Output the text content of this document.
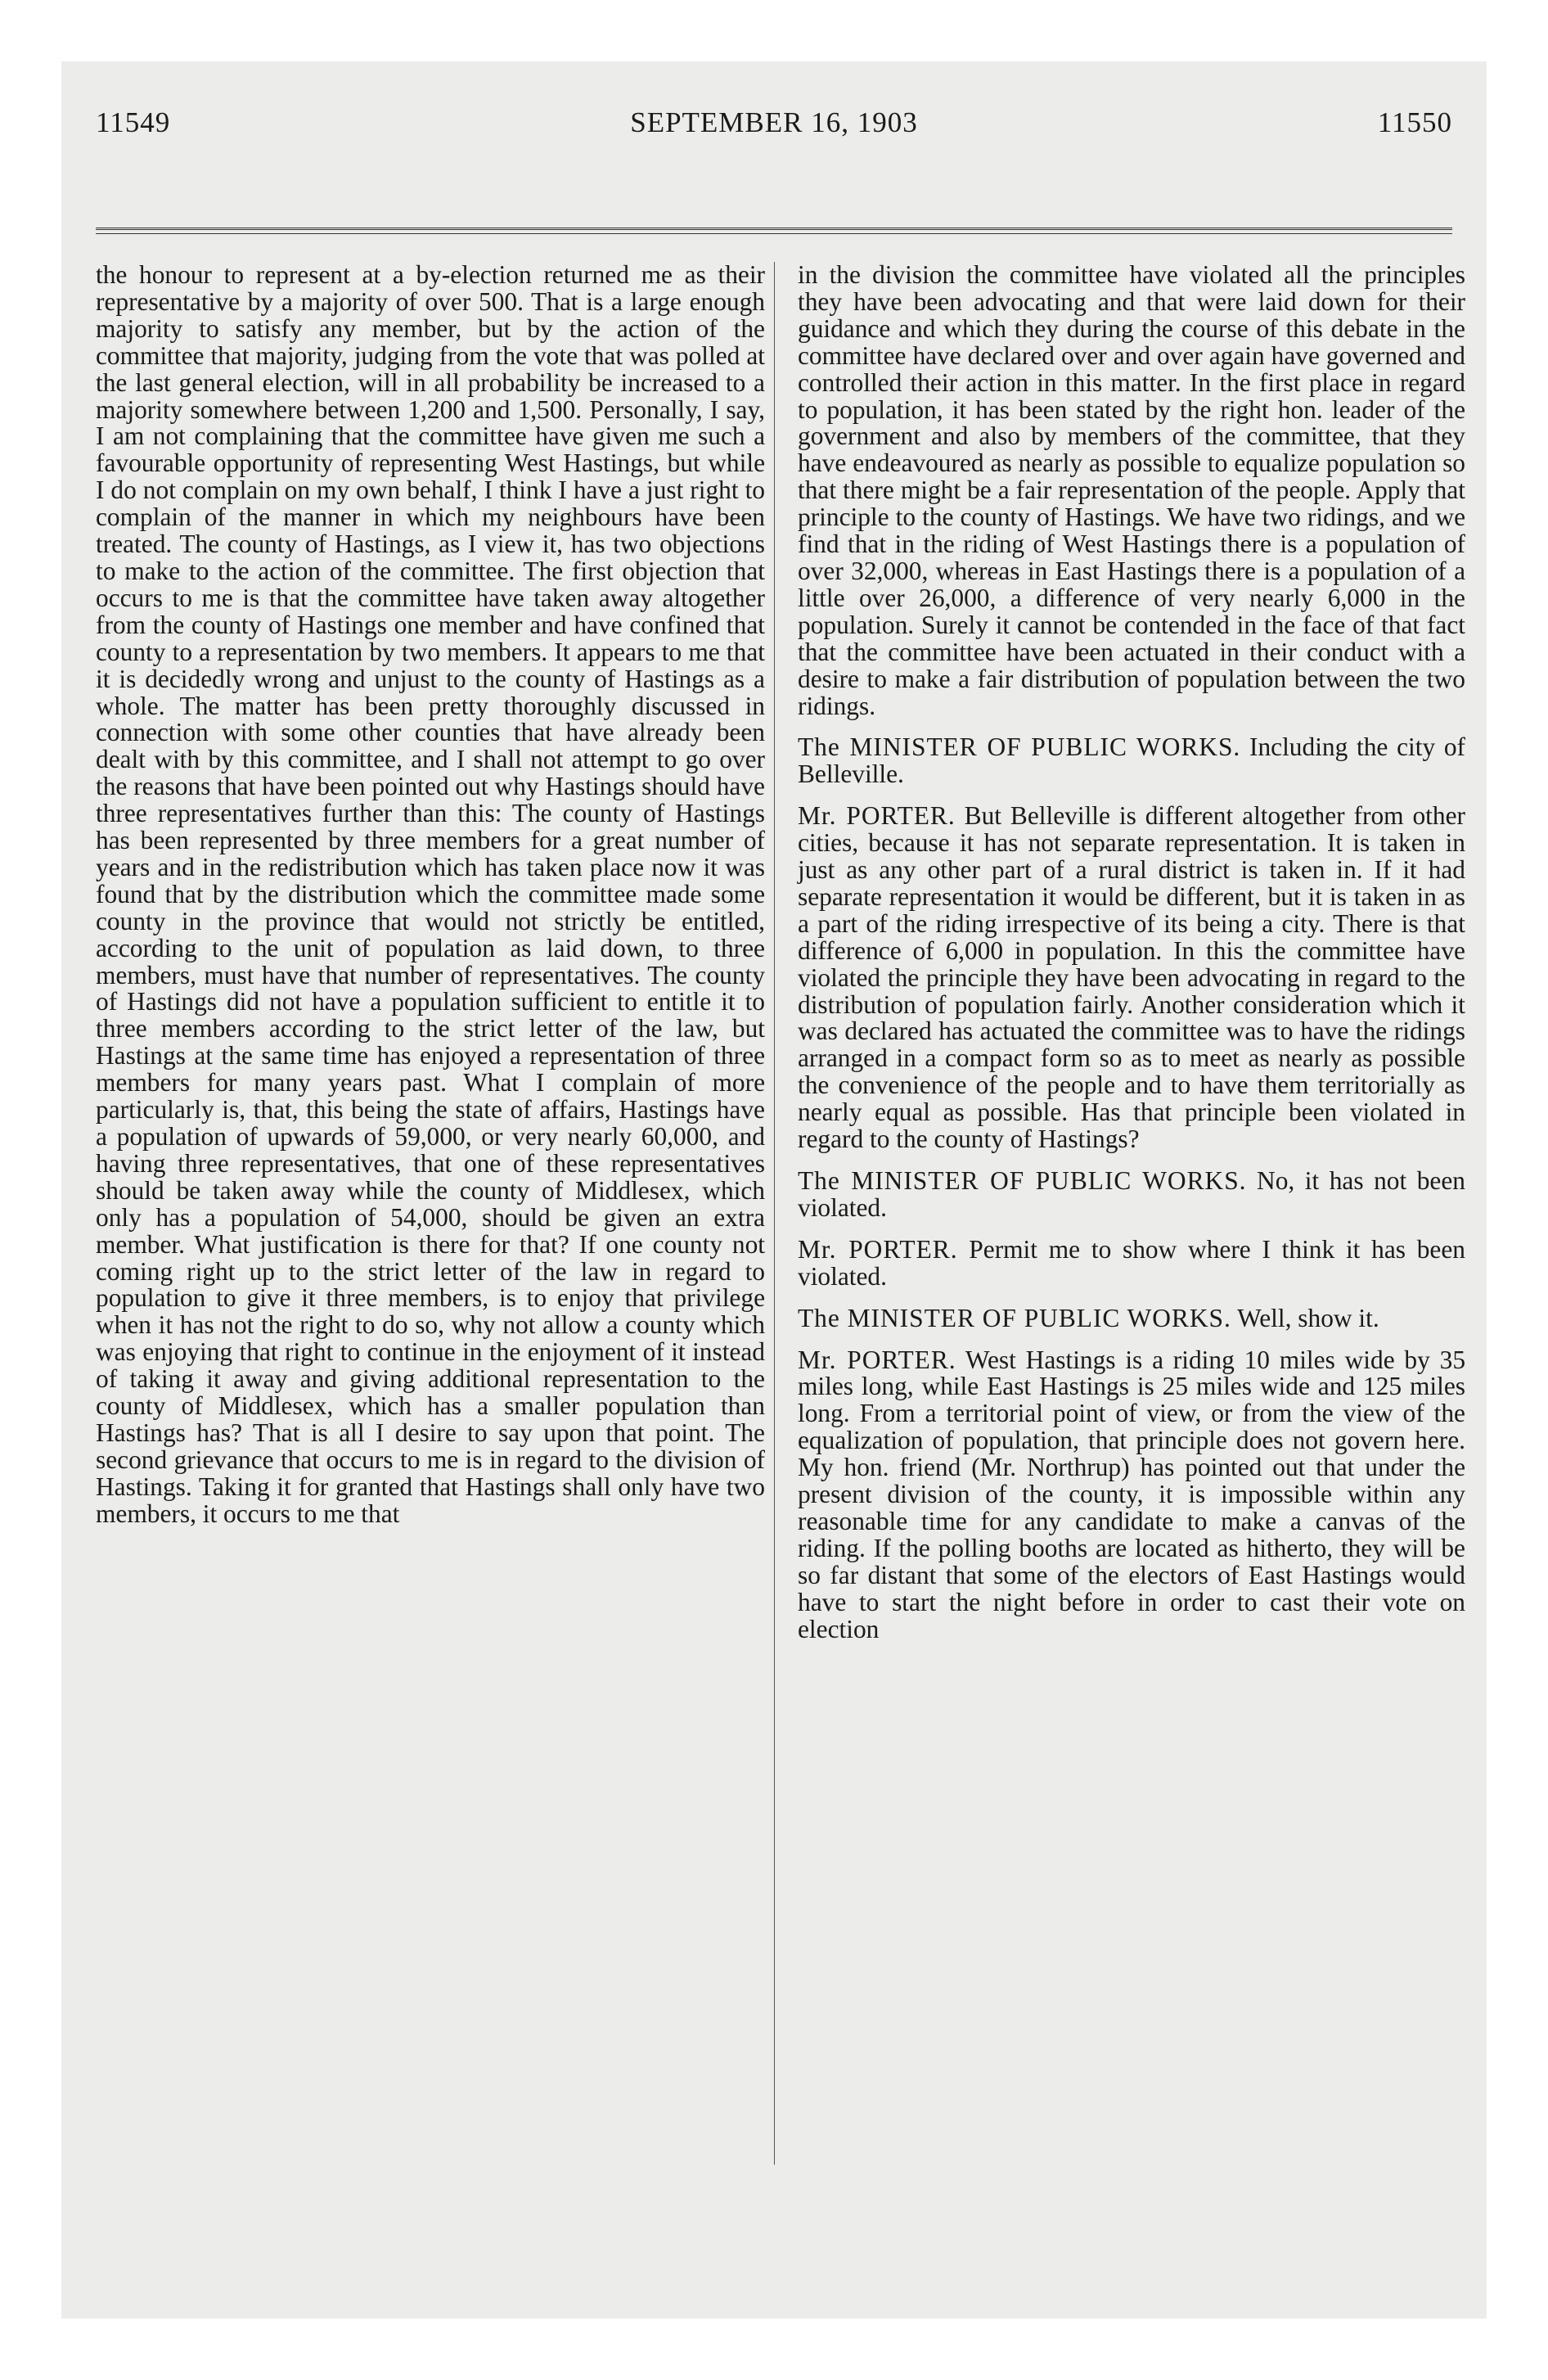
11549	SEPTEMBER 16, 1903	11550

the honour to represent at a by-election returned me as their representative by a majority of over 500. That is a large enough majority to satisfy any member, but by the action of the committee that majority, judging from the vote that was polled at the last general election, will in all probability be increased to a majority somewhere between 1,200 and 1,500. Personally, I say, I am not complaining that the committee have given me such a favourable opportunity of representing West Hastings, but while I do not complain on my own behalf, I think I have a just right to complain of the manner in which my neighbours have been treated. The county of Hastings, as I view it, has two objections to make to the action of the committee. The first objection that occurs to me is that the committee have taken away altogether from the county of Hastings one member and have confined that county to a representation by two members. It appears to me that it is decidedly wrong and unjust to the county of Hastings as a whole. The matter has been pretty thoroughly discussed in connection with some other counties that have already been dealt with by this committee, and I shall not attempt to go over the reasons that have been pointed out why Hastings should have three representatives further than this: The county of Hastings has been represented by three members for a great number of years and in the redistribution which has taken place now it was found that by the distribution which the committee made some county in the province that would not strictly be entitled, according to the unit of population as laid down, to three members, must have that number of representatives. The county of Hastings did not have a population sufficient to entitle it to three members according to the strict letter of the law, but Hastings at the same time has enjoyed a representation of three members for many years past. What I complain of more particularly is, that, this being the state of affairs, Hastings have a population of upwards of 59,000, or very nearly 60,000, and having three representatives, that one of these representatives should be taken away while the county of Middlesex, which only has a population of 54,000, should be given an extra member. What justification is there for that? If one county not coming right up to the strict letter of the law in regard to population to give it three members, is to enjoy that privilege when it has not the right to do so, why not allow a county which was enjoying that right to continue in the enjoyment of it instead of taking it away and giving additional representation to the county of Middlesex, which has a smaller population than Hastings has? That is all I desire to say upon that point. The second grievance that occurs to me is in regard to the division of Hastings. Taking it for granted that Hastings shall only have two members, it occurs to me that

in the division the committee have violated all the principles they have been advocating and that were laid down for their guidance and which they during the course of this debate in the committee have declared over and over again have governed and controlled their action in this matter. In the first place in regard to population, it has been stated by the right hon. leader of the government and also by members of the committee, that they have endeavoured as nearly as possible to equalize population so that there might be a fair representation of the people. Apply that principle to the county of Hastings. We have two ridings, and we find that in the riding of West Hastings there is a population of over 32,000, whereas in East Hastings there is a population of a little over 26,000, a difference of very nearly 6,000 in the population. Surely it cannot be contended in the face of that fact that the committee have been actuated in their conduct with a desire to make a fair distribution of population between the two ridings.

The MINISTER OF PUBLIC WORKS. Including the city of Belleville.

Mr. PORTER. But Belleville is different altogether from other cities, because it has not separate representation. It is taken in just as any other part of a rural district is taken in. If it had separate representation it would be different, but it is taken in as a part of the riding irrespective of its being a city. There is that difference of 6,000 in population. In this the committee have violated the principle they have been advocating in regard to the distribution of population fairly. Another consideration which it was declared has actuated the committee was to have the ridings arranged in a compact form so as to meet as nearly as possible the convenience of the people and to have them territorially as nearly equal as possible. Has that principle been violated in regard to the county of Hastings?

The MINISTER OF PUBLIC WORKS. No, it has not been violated.

Mr. PORTER. Permit me to show where I think it has been violated.

The MINISTER OF PUBLIC WORKS. Well, show it.

Mr. PORTER. West Hastings is a riding 10 miles wide by 35 miles long, while East Hastings is 25 miles wide and 125 miles long. From a territorial point of view, or from the view of the equalization of population, that principle does not govern here. My hon. friend (Mr. Northrup) has pointed out that under the present division of the county, it is impossible within any reasonable time for any candidate to make a canvas of the riding. If the polling booths are located as hitherto, they will be so far distant that some of the electors of East Hastings would have to start the night before in order to cast their vote on election
